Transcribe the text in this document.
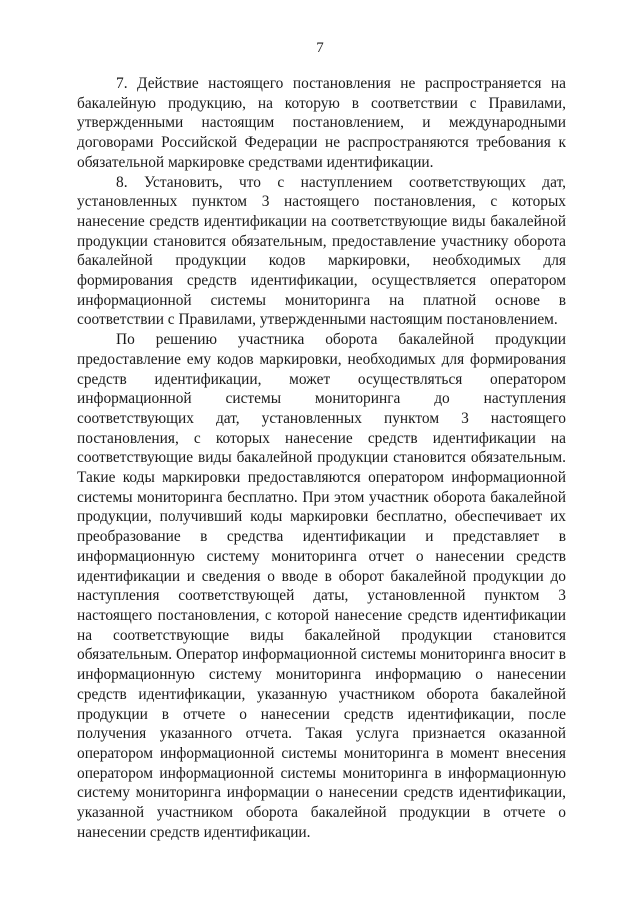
7

7. Действие настоящего постановления не распространяется на бакалейную продукцию, на которую в соответствии с Правилами, утвержденными настоящим постановлением, и международными договорами Российской Федерации не распространяются требования к обязательной маркировке средствами идентификации.

8. Установить, что с наступлением соответствующих дат, установленных пунктом 3 настоящего постановления, с которых нанесение средств идентификации на соответствующие виды бакалейной продукции становится обязательным, предоставление участнику оборота бакалейной продукции кодов маркировки, необходимых для формирования средств идентификации, осуществляется оператором информационной системы мониторинга на платной основе в соответствии с Правилами, утвержденными настоящим постановлением.

По решению участника оборота бакалейной продукции предоставление ему кодов маркировки, необходимых для формирования средств идентификации, может осуществляться оператором информационной системы мониторинга до наступления соответствующих дат, установленных пунктом 3 настоящего постановления, с которых нанесение средств идентификации на соответствующие виды бакалейной продукции становится обязательным. Такие коды маркировки предоставляются оператором информационной системы мониторинга бесплатно. При этом участник оборота бакалейной продукции, получивший коды маркировки бесплатно, обеспечивает их преобразование в средства идентификации и представляет в информационную систему мониторинга отчет о нанесении средств идентификации и сведения о вводе в оборот бакалейной продукции до наступления соответствующей даты, установленной пунктом 3 настоящего постановления, с которой нанесение средств идентификации на соответствующие виды бакалейной продукции становится обязательным. Оператор информационной системы мониторинга вносит в информационную систему мониторинга информацию о нанесении средств идентификации, указанную участником оборота бакалейной продукции в отчете о нанесении средств идентификации, после получения указанного отчета. Такая услуга признается оказанной оператором информационной системы мониторинга в момент внесения оператором информационной системы мониторинга в информационную систему мониторинга информации о нанесении средств идентификации, указанной участником оборота бакалейной продукции в отчете о нанесении средств идентификации.
